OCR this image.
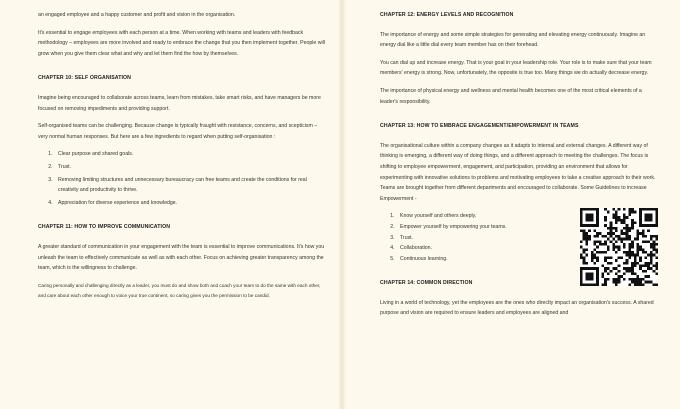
an engaged employee and a happy customer and profit and vision in the organisation.

It's essential to engage employees with each person at a time. When working with teams and leaders with feedback methodology – employees are more involved and ready to embrace the change that you then implement together. People will grow when you give them clear what and why and let them find the how by themselves.

CHAPTER 10: SELF ORGANISATION

Imagine being encouraged to collaborate across teams, learn from mistakes, take smart risks, and have managers be more focused on removing impediments and providing support.

Self-organised teams can be challenging. Because change is typically fraught with resistance, concerns, and scepticism – very normal human responses. But here are a few ingredients to regard when putting self-organisation :

1. Clear purpose and shared goals.
2. Trust.
3. Removing limiting structures and unnecessary bureaucracy can free teams and create the conditions for real creativity and productivity to thrive.
4. Appreciation for diverse experience and knowledge.
CHAPTER 11: HOW TO IMPROVE COMMUNICATION

A greater standard of communication in your engagement with the team is essential to improve communications. It's how you unleash the team to effectively communicate as well as with each other. Focus on achieving greater transparency among the team, which is the willingness to challenge.

Caring personally and challenging directly as a leader, you must do and show both and coach your team to do the same with each other, and care about each other enough to voice your true continent, so caring gives you the permission to be candid.

CHAPTER 12: ENERGY LEVELS AND RECOGNITION

The importance of energy and some simple strategies for generating and elevating energy continuously. Imagine an energy dial like a little dial every team member has on their forehead.

You can dial up and increase energy. That is your goal in your leadership role. Your role is to make sure that your team members' energy is strong. Now, unfortunately, the opposite is true too. Many things we do actually decrease energy.

The importance of physical energy and wellness and mental health becomes one of the most critical elements of a leader's responsibility.

CHAPTER 13: HOW TO EMBRACE ENGAGEMENT/EMPOWERMENT IN TEAMS

The organisational culture within a company changes as it adapts to internal and external changes. A different way of thinking is emerging, a different way of doing things, and a different approach to meeting the challenges. The focus is shifting to employee empowerment, engagement, and participation, providing an environment that allows for experimenting with innovative solutions to problems and motivating employees to take a creative approach to their work. Teams are brought together from different departments and encouraged to collaborate. Some Guidelines to increase Empowerment -

1. Know yourself and others deeply.
2. Empower yourself by empowering your teams.
3. Trust.
4. Collaboration.
5. Continuous learning.
CHAPTER 14: COMMON DIRECTION

Living in a world of technology, yet the employees are the ones who directly impact an organisation's success. A shared purpose and vision are required to ensure leaders and employees are aligned and
